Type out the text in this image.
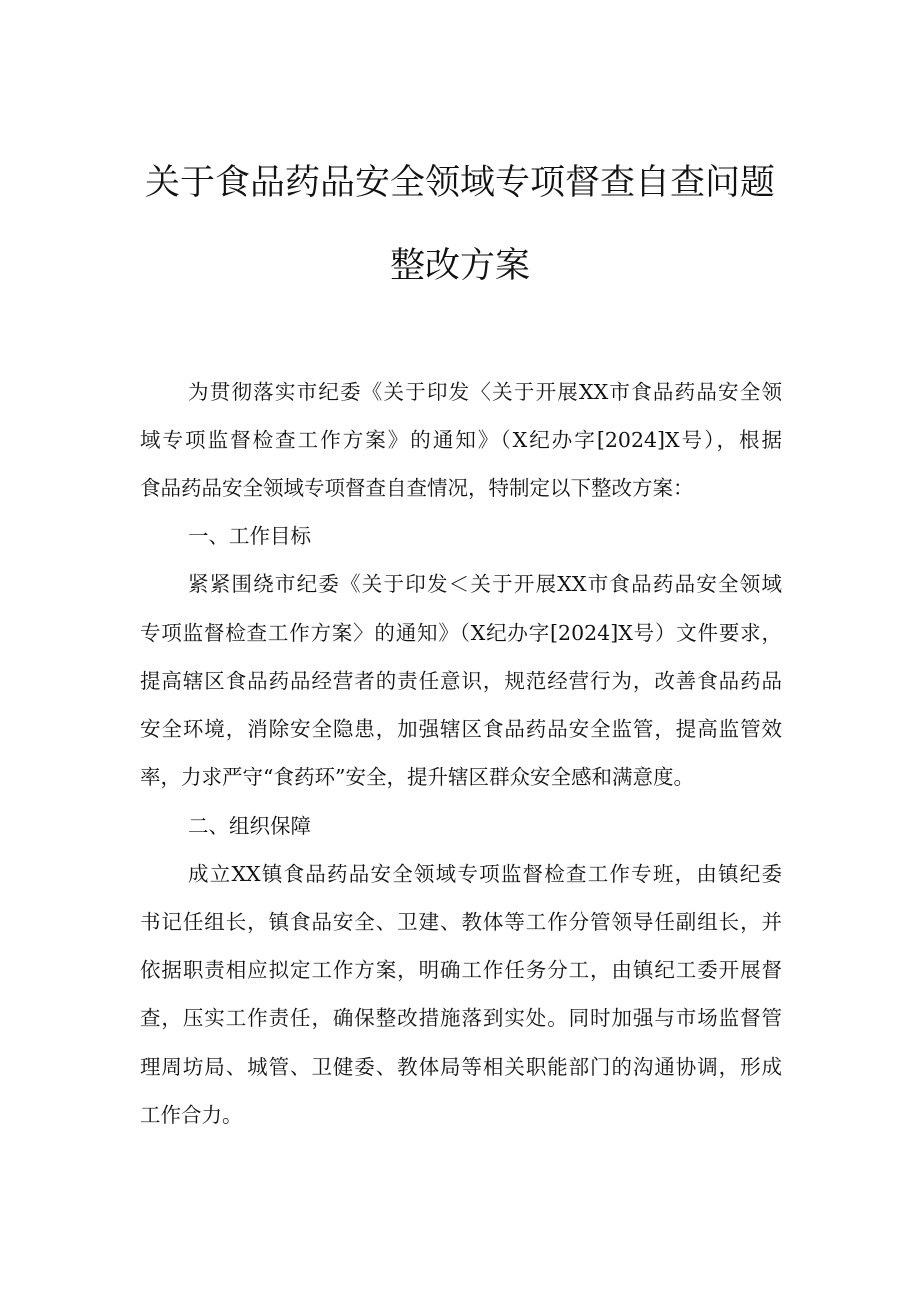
关于食品药品安全领域专项督查自查问题
整改方案

为贯彻落实市纪委《关于印发〈关于开展XX市食品药品安全领

域专项监督检查工作方案》的通知》（X纪办字[2024]X号），根据

食品药品安全领域专项督查自查情况，特制定以下整改方案：

一、工作目标

紧紧围绕市纪委《关于印发＜关于开展XX市食品药品安全领域

专项监督检查工作方案〉的通知》（X纪办字[2024]X号）文件要求，

提高辖区食品药品经营者的责任意识，规范经营行为，改善食品药品

安全环境，消除安全隐患，加强辖区食品药品安全监管，提高监管效

率，力求严守“食药环”安全，提升辖区群众安全感和满意度。

二、组织保障

成立XX镇食品药品安全领域专项监督检查工作专班，由镇纪委

书记任组长，镇食品安全、卫建、教体等工作分管领导任副组长，并

依据职责相应拟定工作方案，明确工作任务分工，由镇纪工委开展督

查，压实工作责任，确保整改措施落到实处。同时加强与市场监督管

理周坊局、城管、卫健委、教体局等相关职能部门的沟通协调，形成

工作合力。
